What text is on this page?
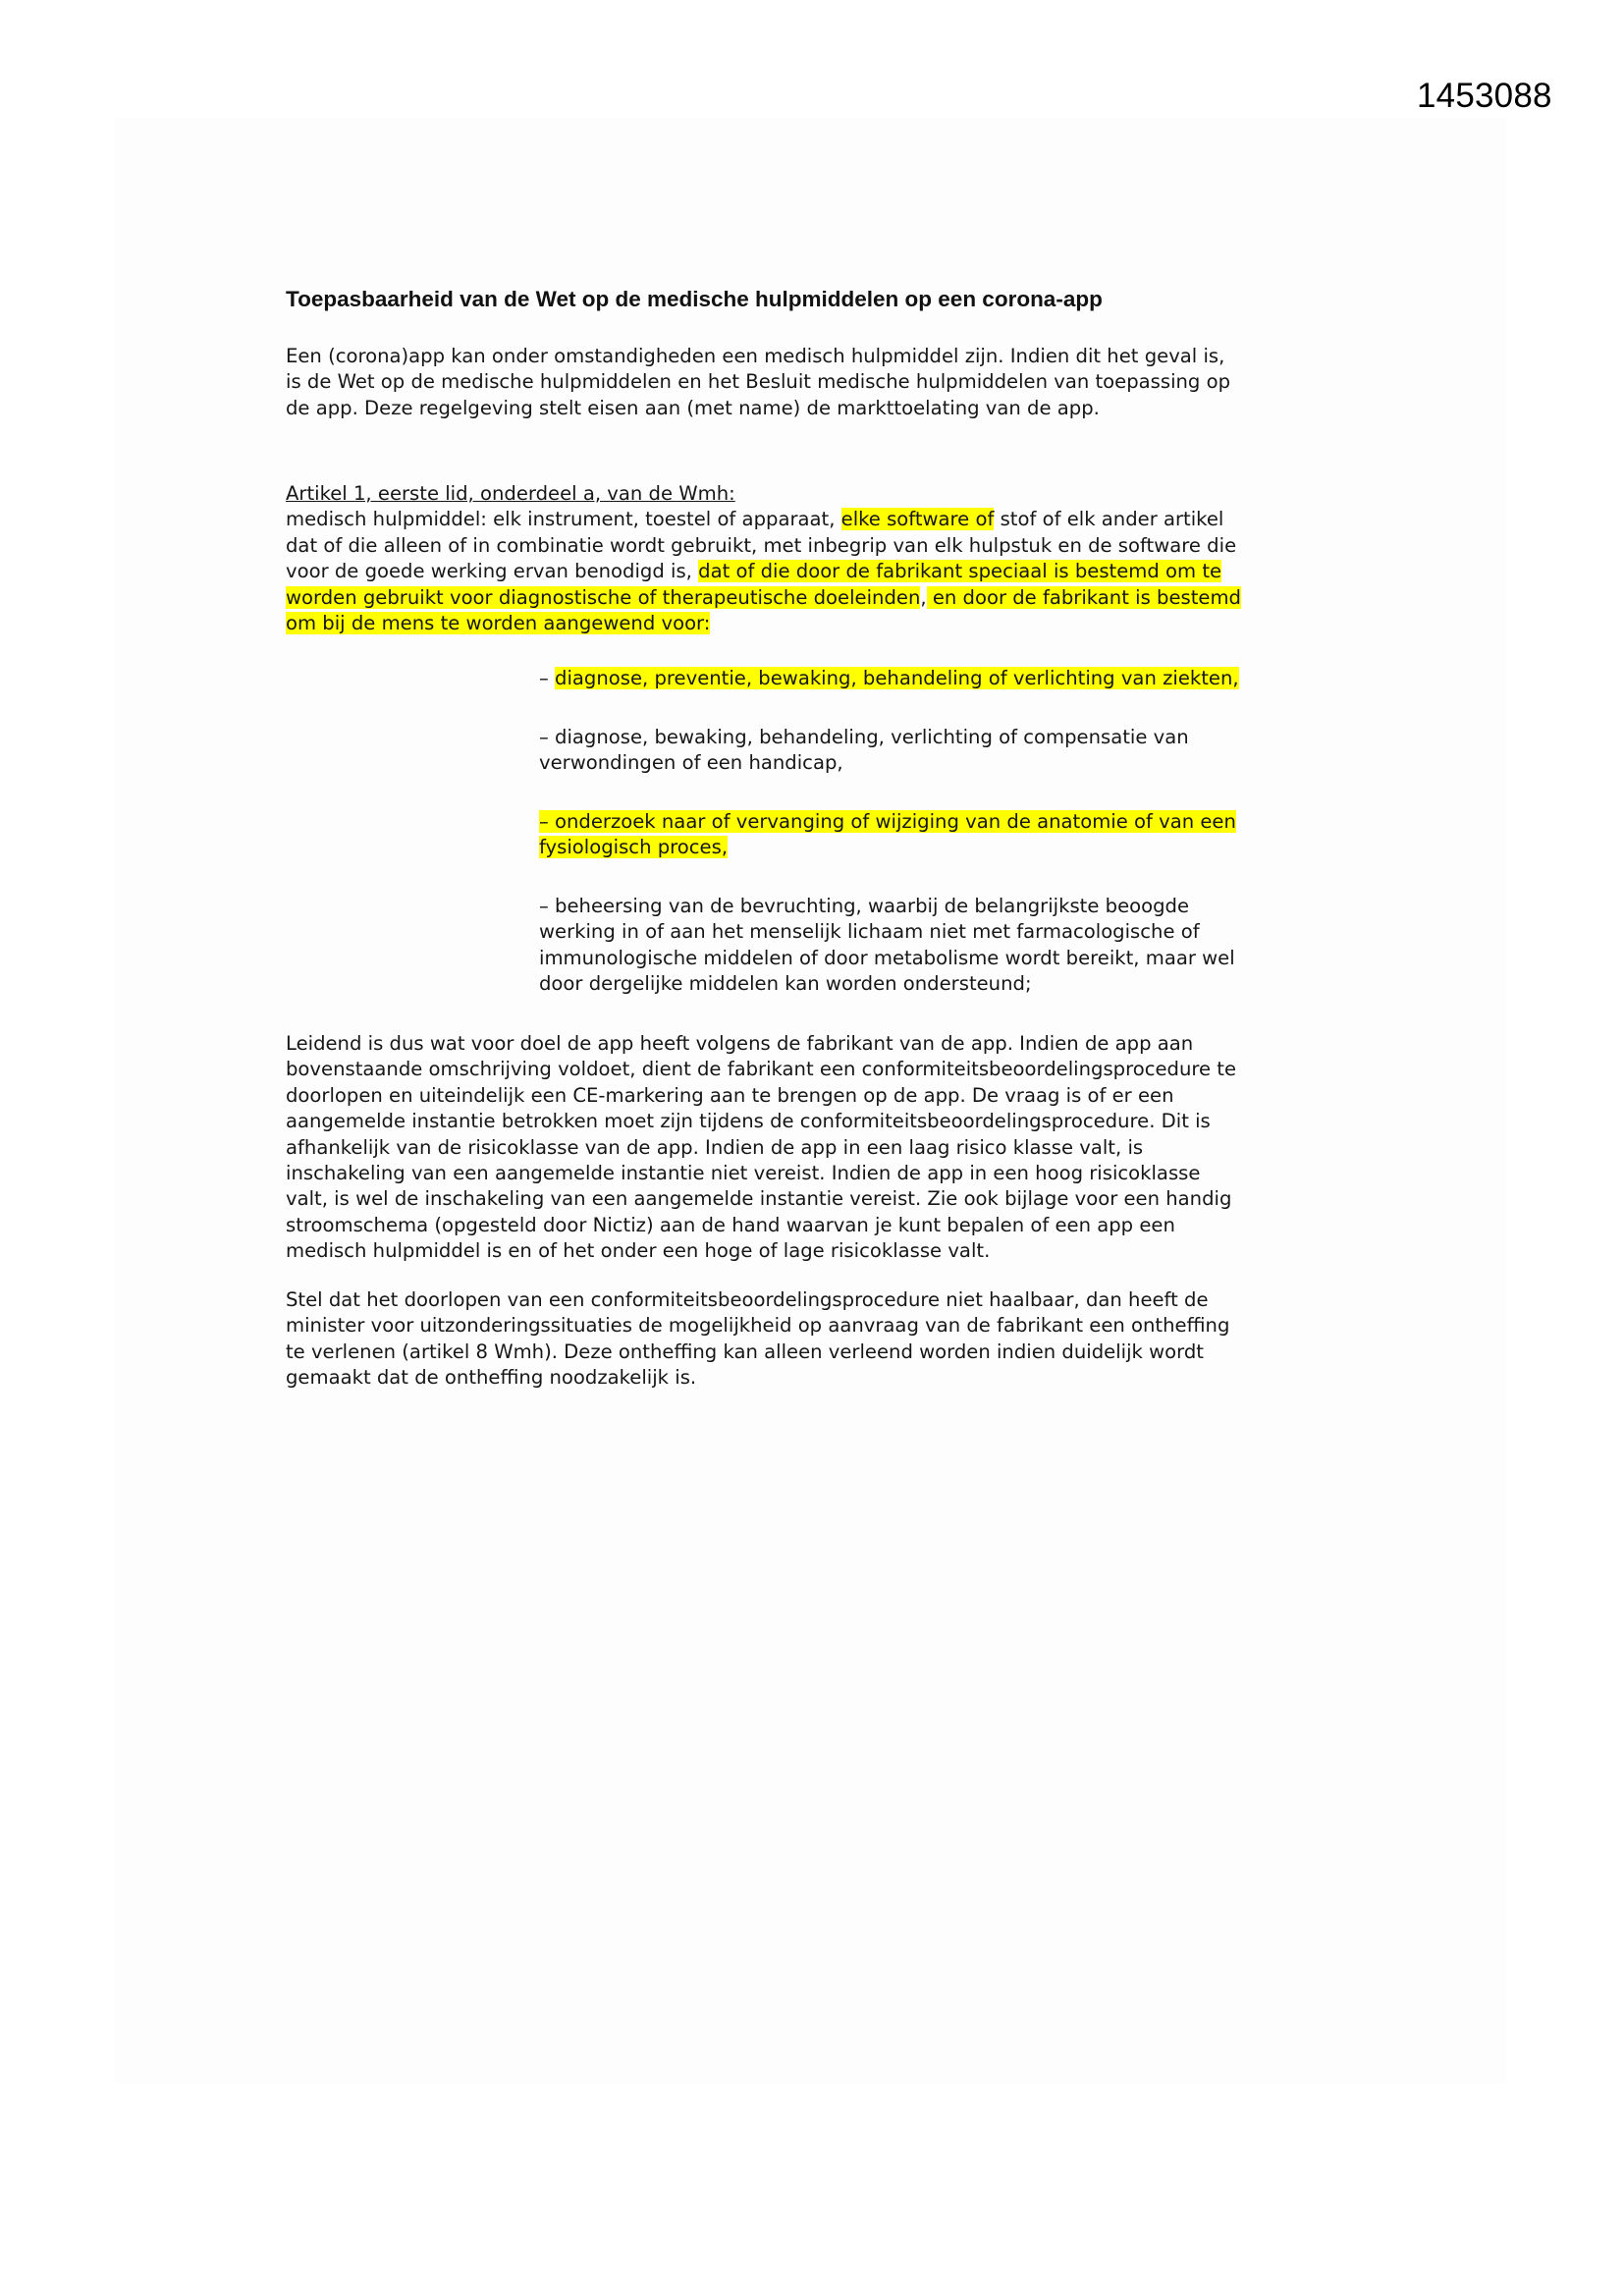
1453088
Toepasbaarheid van de Wet op de medische hulpmiddelen op een corona-app
Een (corona)app kan onder omstandigheden een medisch hulpmiddel zijn. Indien dit het geval is,
is de Wet op de medische hulpmiddelen en het Besluit medische hulpmiddelen van toepassing op
de app. Deze regelgeving stelt eisen aan (met name) de markttoelating van de app.
Artikel 1, eerste lid, onderdeel a, van de Wmh:
medisch hulpmiddel: elk instrument, toestel of apparaat, elke software of stof of elk ander artikel
dat of die alleen of in combinatie wordt gebruikt, met inbegrip van elk hulpstuk en de software die
voor de goede werking ervan benodigd is, dat of die door de fabrikant speciaal is bestemd om te
worden gebruikt voor diagnostische of therapeutische doeleinden, en door de fabrikant is bestemd
om bij de mens te worden aangewend voor:
– diagnose, preventie, bewaking, behandeling of verlichting van ziekten,
– diagnose, bewaking, behandeling, verlichting of compensatie van
verwondingen of een handicap,
– onderzoek naar of vervanging of wijziging van de anatomie of van een
fysiologisch proces,
– beheersing van de bevruchting, waarbij de belangrijkste beoogde
werking in of aan het menselijk lichaam niet met farmacologische of
immunologische middelen of door metabolisme wordt bereikt, maar wel
door dergelijke middelen kan worden ondersteund;
Leidend is dus wat voor doel de app heeft volgens de fabrikant van de app. Indien de app aan
bovenstaande omschrijving voldoet, dient de fabrikant een conformiteitsbeoordelingsprocedure te
doorlopen en uiteindelijk een CE-markering aan te brengen op de app. De vraag is of er een
aangemelde instantie betrokken moet zijn tijdens de conformiteitsbeoordelingsprocedure. Dit is
afhankelijk van de risicoklasse van de app. Indien de app in een laag risico klasse valt, is
inschakeling van een aangemelde instantie niet vereist. Indien de app in een hoog risicoklasse
valt, is wel de inschakeling van een aangemelde instantie vereist. Zie ook bijlage voor een handig
stroomschema (opgesteld door Nictiz) aan de hand waarvan je kunt bepalen of een app een
medisch hulpmiddel is en of het onder een hoge of lage risicoklasse valt.
Stel dat het doorlopen van een conformiteitsbeoordelingsprocedure niet haalbaar, dan heeft de
minister voor uitzonderingssituaties de mogelijkheid op aanvraag van de fabrikant een ontheffing
te verlenen (artikel 8 Wmh). Deze ontheffing kan alleen verleend worden indien duidelijk wordt
gemaakt dat de ontheffing noodzakelijk is.
